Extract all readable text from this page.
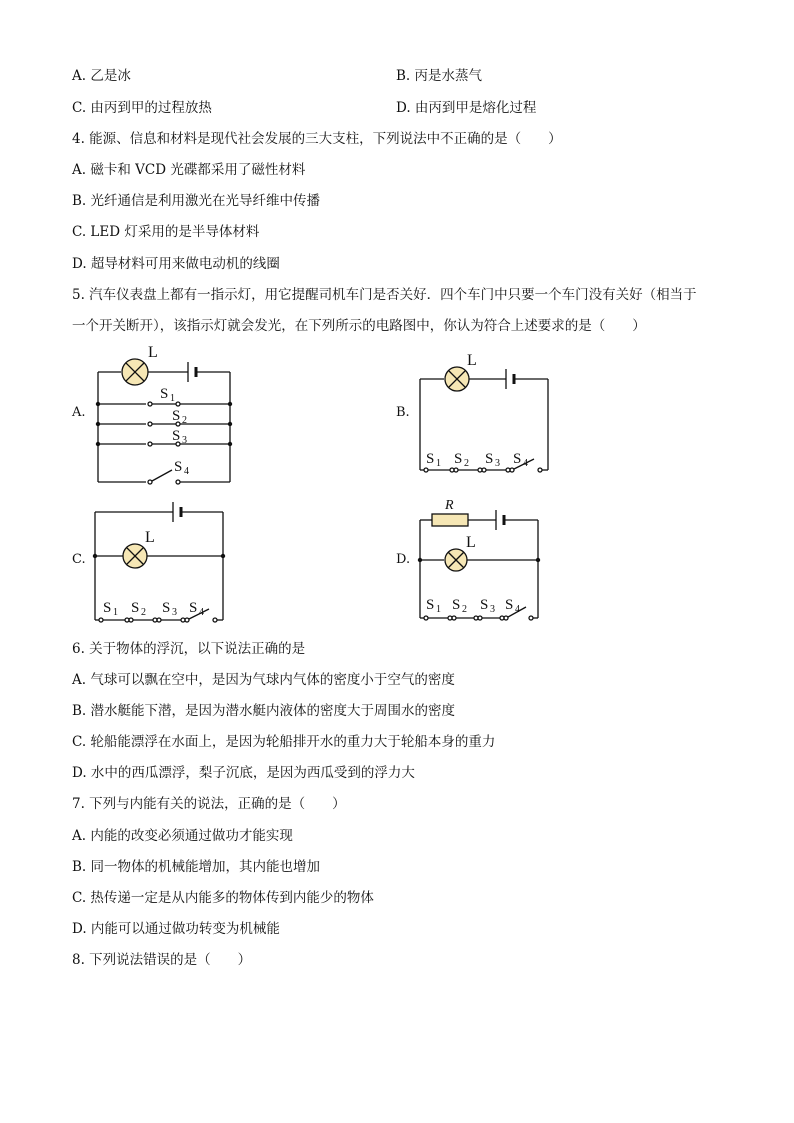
A. 乙是冰	B. 丙是水蒸气
C. 由丙到甲的过程放热	D. 由丙到甲是熔化过程
4. 能源、信息和材料是现代社会发展的三大支柱，下列说法中不正确的是（　　）
A. 磁卡和 VCD 光碟都采用了磁性材料
B. 光纤通信是利用激光在光导纤维中传播
C. LED 灯采用的是半导体材料
D. 超导材料可用来做电动机的线圈
5. 汽车仪表盘上都有一指示灯，用它提醒司机车门是否关好．四个车门中只要一个车门没有关好（相当于
一个开关断开），该指示灯就会发光，在下列所示的电路图中，你认为符合上述要求的是（　　）
A.	B.
C.	D.
L
S 1
S 2
S 3
S 4
L
S 1 S 2 S 3 S 4
L
S 1 S 2 S 3 S 4
R
L
S 1 S 2 S 3 S 4
6. 关于物体的浮沉，以下说法正确的是
A. 气球可以飘在空中，是因为气球内气体的密度小于空气的密度
B. 潜水艇能下潜，是因为潜水艇内液体的密度大于周围水的密度
C. 轮船能漂浮在水面上，是因为轮船排开水的重力大于轮船本身的重力
D. 水中的西瓜漂浮，梨子沉底，是因为西瓜受到的浮力大
7. 下列与内能有关的说法，正确的是（　　）
A. 内能的改变必须通过做功才能实现
B. 同一物体的机械能增加，其内能也增加
C. 热传递一定是从内能多的物体传到内能少的物体
D. 内能可以通过做功转变为机械能
8. 下列说法错误的是（　　）
